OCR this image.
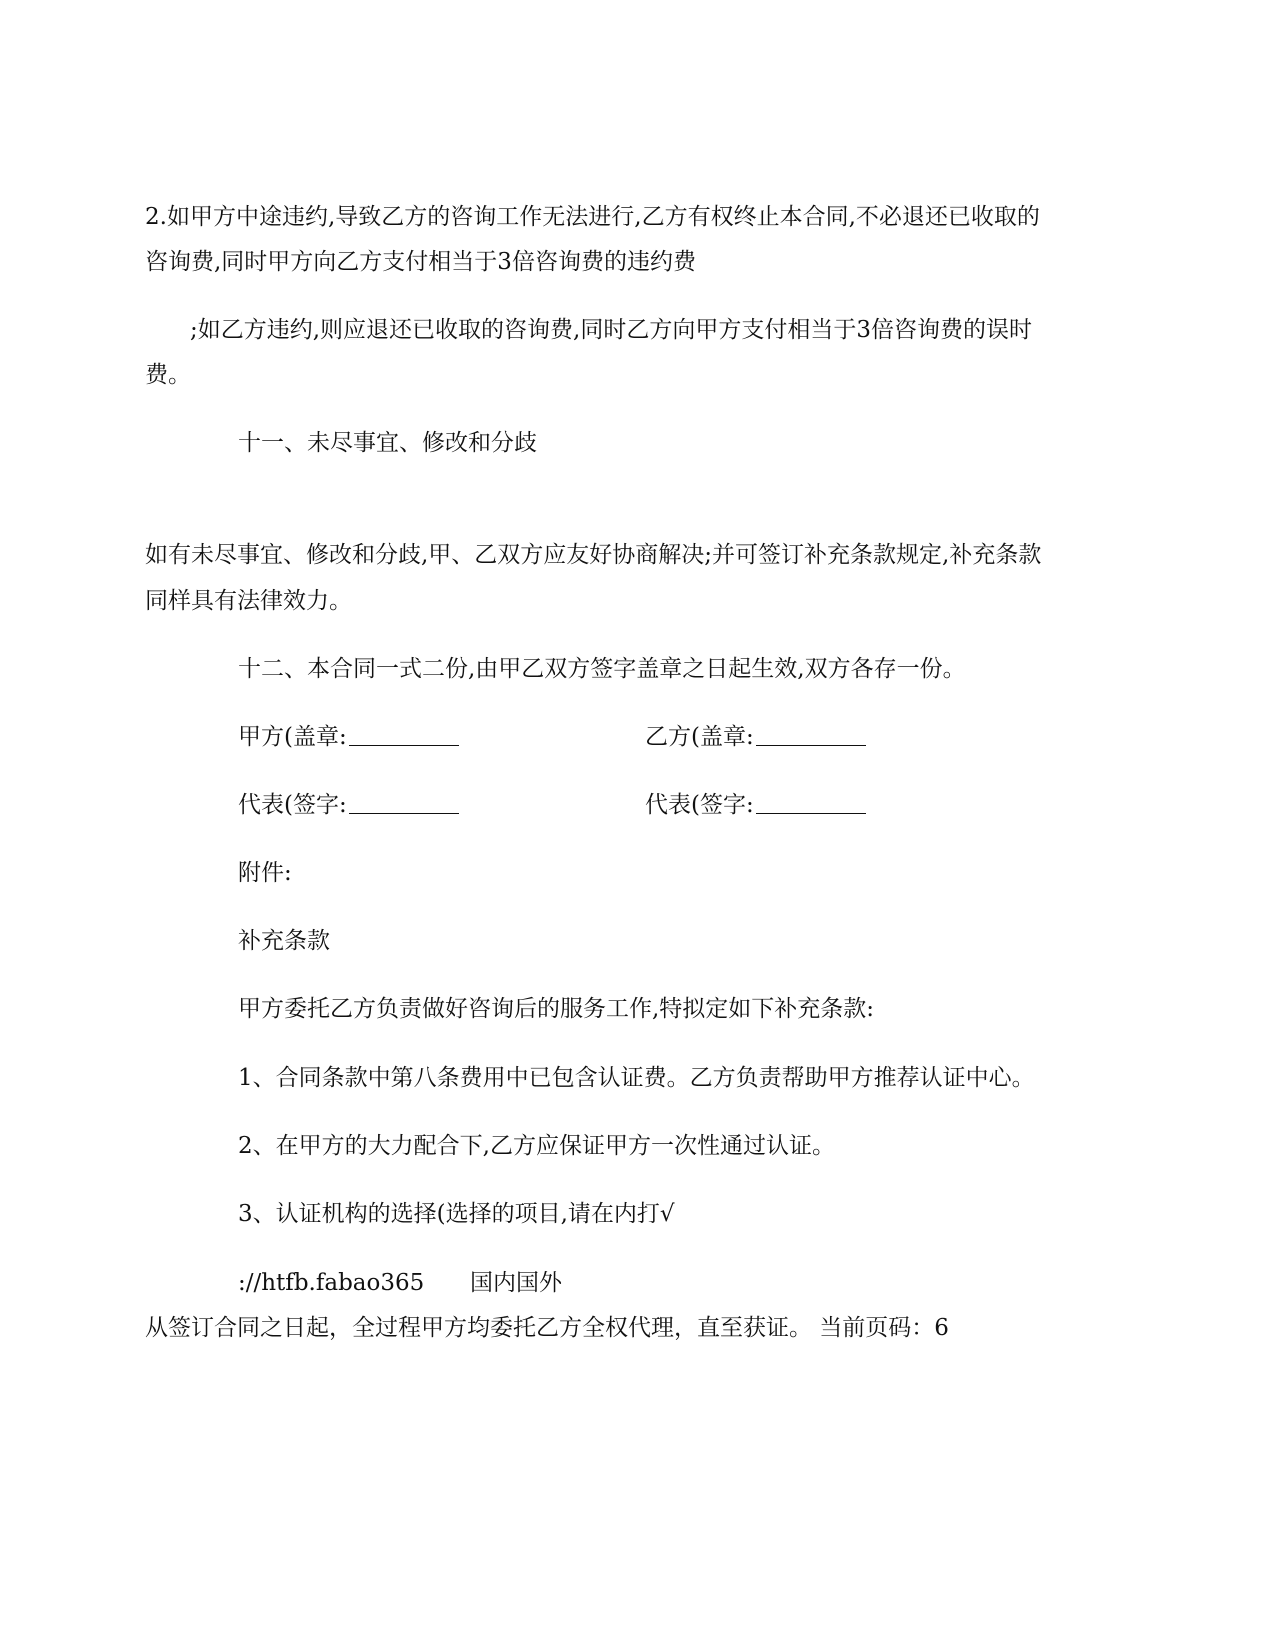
2.如甲方中途违约,导致乙方的咨询工作无法进行,乙方有权终止本合同,不必退还已收取的

咨询费,同时甲方向乙方支付相当于3倍咨询费的违约费

;如乙方违约,则应退还已收取的咨询费,同时乙方向甲方支付相当于3倍咨询费的误时

费。

十一、未尽事宜、修改和分歧

如有未尽事宜、修改和分歧,甲、乙双方应友好协商解决;并可签订补充条款规定,补充条款

同样具有法律效力。

十二、本合同一式二份,由甲乙双方签字盖章之日起生效,双方各存一份。

甲方(盖章:	乙方(盖章:

代表(签字:	代表(签字:

附件:

补充条款

甲方委托乙方负责做好咨询后的服务工作,特拟定如下补充条款:

1、合同条款中第八条费用中已包含认证费。乙方负责帮助甲方推荐认证中心。

2、在甲方的大力配合下,乙方应保证甲方一次性通过认证。

3、认证机构的选择(选择的项目,请在内打√

://htfb.fabao365 国内国外

从签订合同之日起，全过程甲方均委托乙方全权代理，直至获证。 当前页码：6
